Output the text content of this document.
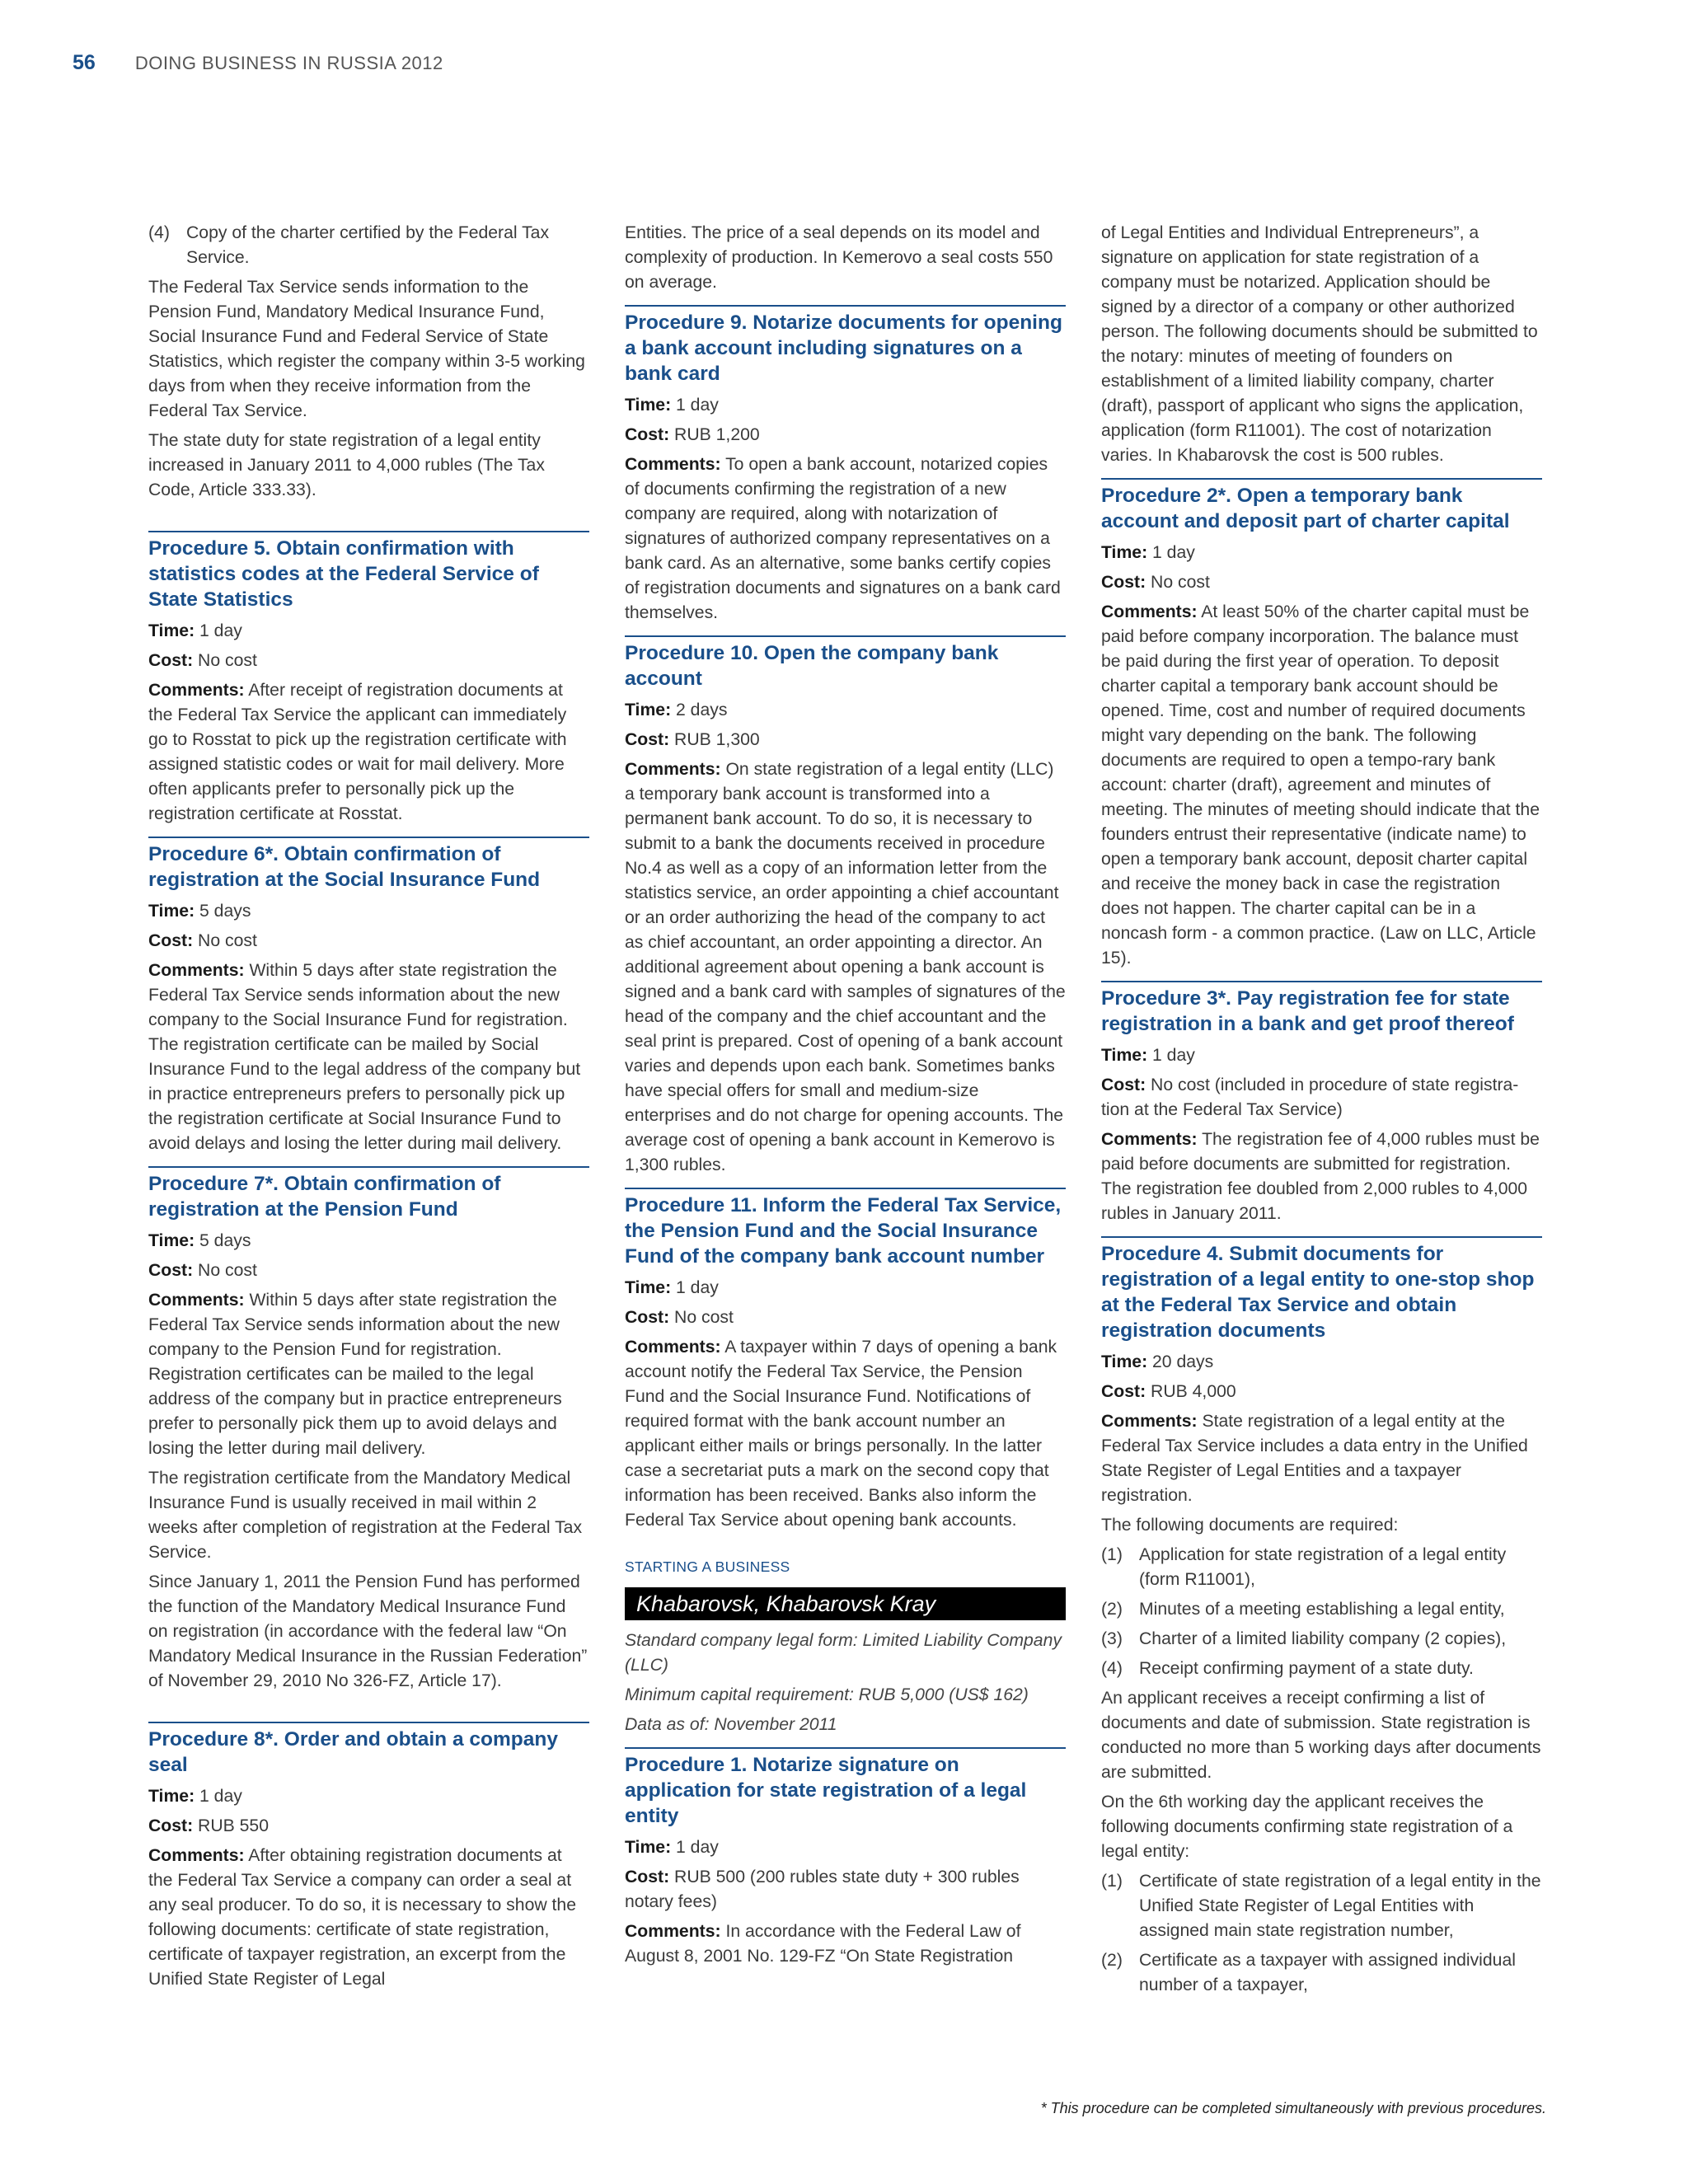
56 DOING BUSINESS IN RUSSIA 2012
(4) Copy of the charter certified by the Federal Tax Service.

The Federal Tax Service sends information to the Pension Fund, Mandatory Medical Insurance Fund, Social Insurance Fund and Federal Service of State Statistics, which register the company within 3-5 working days from when they receive information from the Federal Tax Service.

The state duty for state registration of a legal entity increased in January 2011 to 4,000 rubles (The Tax Code, Article 333.33).

Procedure 5. Obtain confirmation with statistics codes at the Federal Service of State Statistics

Time: 1 day

Cost: No cost

Comments: After receipt of registration documents at the Federal Tax Service the applicant can immediately go to Rosstat to pick up the registration certificate with assigned statistic codes or wait for mail delivery. More often applicants prefer to personally pick up the registration certificate at Rosstat.

Procedure 6*. Obtain confirmation of registration at the Social Insurance Fund

Time: 5 days

Cost: No cost

Comments: Within 5 days after state registration the Federal Tax Service sends information about the new company to the Social Insurance Fund for registration. The registration certificate can be mailed by Social Insurance Fund to the legal address of the company but in practice entrepreneurs prefers to personally pick up the registration certificate at Social Insurance Fund to avoid delays and losing the letter during mail delivery.

Procedure 7*. Obtain confirmation of registration at the Pension Fund

Time: 5 days

Cost: No cost

Comments: Within 5 days after state registration the Federal Tax Service sends information about the new company to the Pension Fund for registration. Registration certificates can be mailed to the legal address of the company but in practice entrepreneurs prefer to personally pick them up to avoid delays and losing the letter during mail delivery.

The registration certificate from the Mandatory Medical Insurance Fund is usually received in mail within 2 weeks after completion of registration at the Federal Tax Service.

Since January 1, 2011 the Pension Fund has performed the function of the Mandatory Medical Insurance Fund on registration (in accordance with the federal law “On Mandatory Medical Insurance in the Russian Federation” of November 29, 2010 No 326-FZ, Article 17).

Procedure 8*. Order and obtain a company seal

Time: 1 day

Cost: RUB 550

Comments: After obtaining registration documents at the Federal Tax Service a company can order a seal at any seal producer. To do so, it is necessary to show the following documents: certificate of state registration, certificate of taxpayer registration, an excerpt from the Unified State Register of Legal

Entities. The price of a seal depends on its model and complexity of production. In Kemerovo a seal costs 550 on average.

Procedure 9. Notarize documents for opening a bank account including signatures on a bank card

Time: 1 day

Cost: RUB 1,200

Comments: To open a bank account, notarized copies of documents confirming the registration of a new company are required, along with notarization of signatures of authorized company representatives on a bank card. As an alternative, some banks certify copies of registration documents and signatures on a bank card themselves.

Procedure 10. Open the company bank account

Time: 2 days

Cost: RUB 1,300

Comments: On state registration of a legal entity (LLC) a temporary bank account is transformed into a permanent bank account. To do so, it is necessary to submit to a bank the documents received in procedure No.4 as well as a copy of an information letter from the statistics service, an order appointing a chief accountant or an order authorizing the head of the company to act as chief accountant, an order appointing a director. An additional agreement about opening a bank account is signed and a bank card with samples of signatures of the head of the company and the chief accountant and the seal print is prepared. Cost of opening of a bank account varies and depends upon each bank. Sometimes banks have special offers for small and medium-size enterprises and do not charge for opening accounts. The average cost of opening a bank account in Kemerovo is 1,300 rubles.

Procedure 11. Inform the Federal Tax Service, the Pension Fund and the Social Insurance Fund of the company bank account number

Time: 1 day

Cost: No cost

Comments: A taxpayer within 7 days of opening a bank account notify the Federal Tax Service, the Pension Fund and the Social Insurance Fund. Notifications of required format with the bank account number an applicant either mails or brings personally. In the latter case a secretariat puts a mark on the second copy that information has been received. Banks also inform the Federal Tax Service about opening bank accounts.

STARTING A BUSINESS
Khabarovsk, Khabarovsk Kray

Standard company legal form: Limited Liability Company (LLC)

Minimum capital requirement: RUB 5,000 (US$ 162)

Data as of: November 2011

Procedure 1. Notarize signature on application for state registration of a legal entity

Time: 1 day

Cost: RUB 500 (200 rubles state duty + 300 rubles notary fees)

Comments: In accordance with the Federal Law of August 8, 2001 No. 129-FZ “On State Registration

of Legal Entities and Individual Entrepreneurs”, a signature on application for state registration of a company must be notarized. Application should be signed by a director of a company or other authorized person. The following documents should be submitted to the notary: minutes of meeting of founders on establishment of a limited liability company, charter (draft), passport of applicant who signs the application, application (form R11001). The cost of notarization varies. In Khabarovsk the cost is 500 rubles.

Procedure 2*. Open a temporary bank account and deposit part of charter capital

Time: 1 day

Cost: No cost

Comments: At least 50% of the charter capital must be paid before company incorporation. The balance must be paid during the first year of operation. To deposit charter capital a temporary bank account should be opened. Time, cost and number of required documents might vary depending on the bank. The following documents are required to open a tempo-rary bank account: charter (draft), agreement and minutes of meeting. The minutes of meeting should indicate that the founders entrust their representative (indicate name) to open a temporary bank account, deposit charter capital and receive the money back in case the registration does not happen. The charter capital can be in a noncash form - a common practice. (Law on LLC, Article 15).

Procedure 3*. Pay registration fee for state registration in a bank and get proof thereof

Time: 1 day

Cost: No cost (included in procedure of state registra-tion at the Federal Tax Service)

Comments: The registration fee of 4,000 rubles must be paid before documents are submitted for registration. The registration fee doubled from 2,000 rubles to 4,000 rubles in January 2011.

Procedure 4. Submit documents for registration of a legal entity to one-stop shop at the Federal Tax Service and obtain registration documents

Time: 20 days

Cost: RUB 4,000

Comments: State registration of a legal entity at the Federal Tax Service includes a data entry in the Unified State Register of Legal Entities and a taxpayer registration.

The following documents are required:

(1) Application for state registration of a legal entity (form R11001),
(2) Minutes of a meeting establishing a legal entity,
(3) Charter of a limited liability company (2 copies),
(4) Receipt confirming payment of a state duty.

An applicant receives a receipt confirming a list of documents and date of submission. State registration is conducted no more than 5 working days after documents are submitted.

On the 6th working day the applicant receives the following documents confirming state registration of a legal entity:

(1) Certificate of state registration of a legal entity in the Unified State Register of Legal Entities with assigned main state registration number,
(2) Certificate as a taxpayer with assigned individual number of a taxpayer,
* This procedure can be completed simultaneously with previous procedures.
